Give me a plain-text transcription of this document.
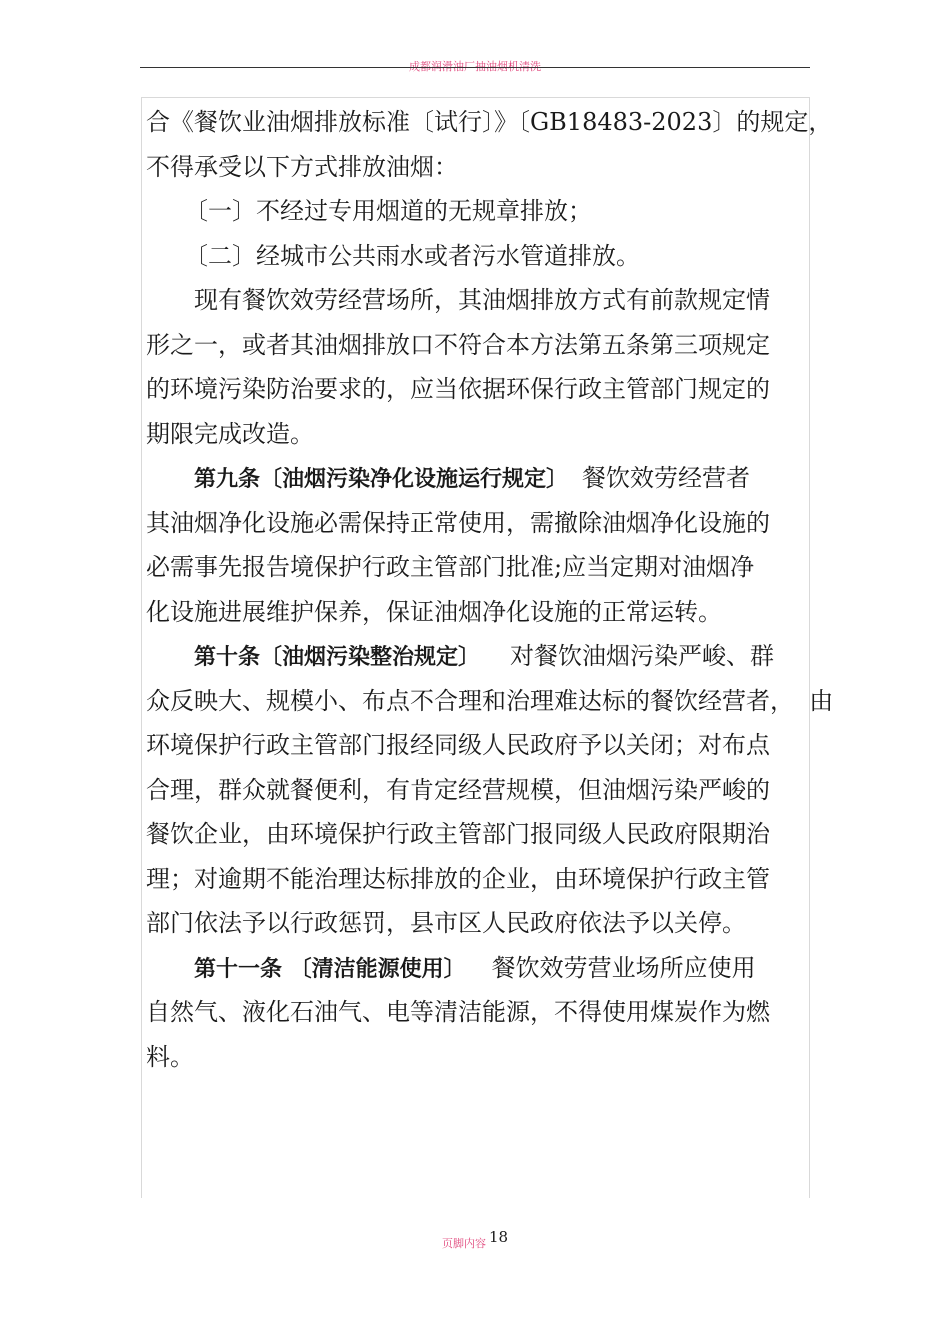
成都润滑油厂抽油烟机清洗
合《餐饮业油烟排放标准〔试行〕》〔GB18483-2023〕的规定，
不得承受以下方式排放油烟：
〔一〕不经过专用烟道的无规章排放；
〔二〕经城市公共雨水或者污水管道排放。
现有餐饮效劳经营场所，其油烟排放方式有前款规定情
形之一，或者其油烟排放口不符合本方法第五条第三项规定
的环境污染防治要求的，应当依据环保行政主管部门规定的
期限完成改造。
第九条〔油烟污染净化设施运行规定〕 餐饮效劳经营者
其油烟净化设施必需保持正常使用，需撤除油烟净化设施的
必需事先报告境保护行政主管部门批准;应当定期对油烟净
化设施进展维护保养，保证油烟净化设施的正常运转。
第十条〔油烟污染整治规定〕 对餐饮油烟污染严峻、群
众反映大、规模小、布点不合理和治理难达标的餐饮经营者，  由
环境保护行政主管部门报经同级人民政府予以关闭；对布点
合理，群众就餐便利，有肯定经营规模，但油烟污染严峻的
餐饮企业，由环境保护行政主管部门报同级人民政府限期治
理；对逾期不能治理达标排放的企业，由环境保护行政主管
部门依法予以行政惩罚，县市区人民政府依法予以关停。
第十一条 〔清洁能源使用〕 餐饮效劳营业场所应使用
自然气、液化石油气、电等清洁能源，不得使用煤炭作为燃
料。
页脚内容 18
